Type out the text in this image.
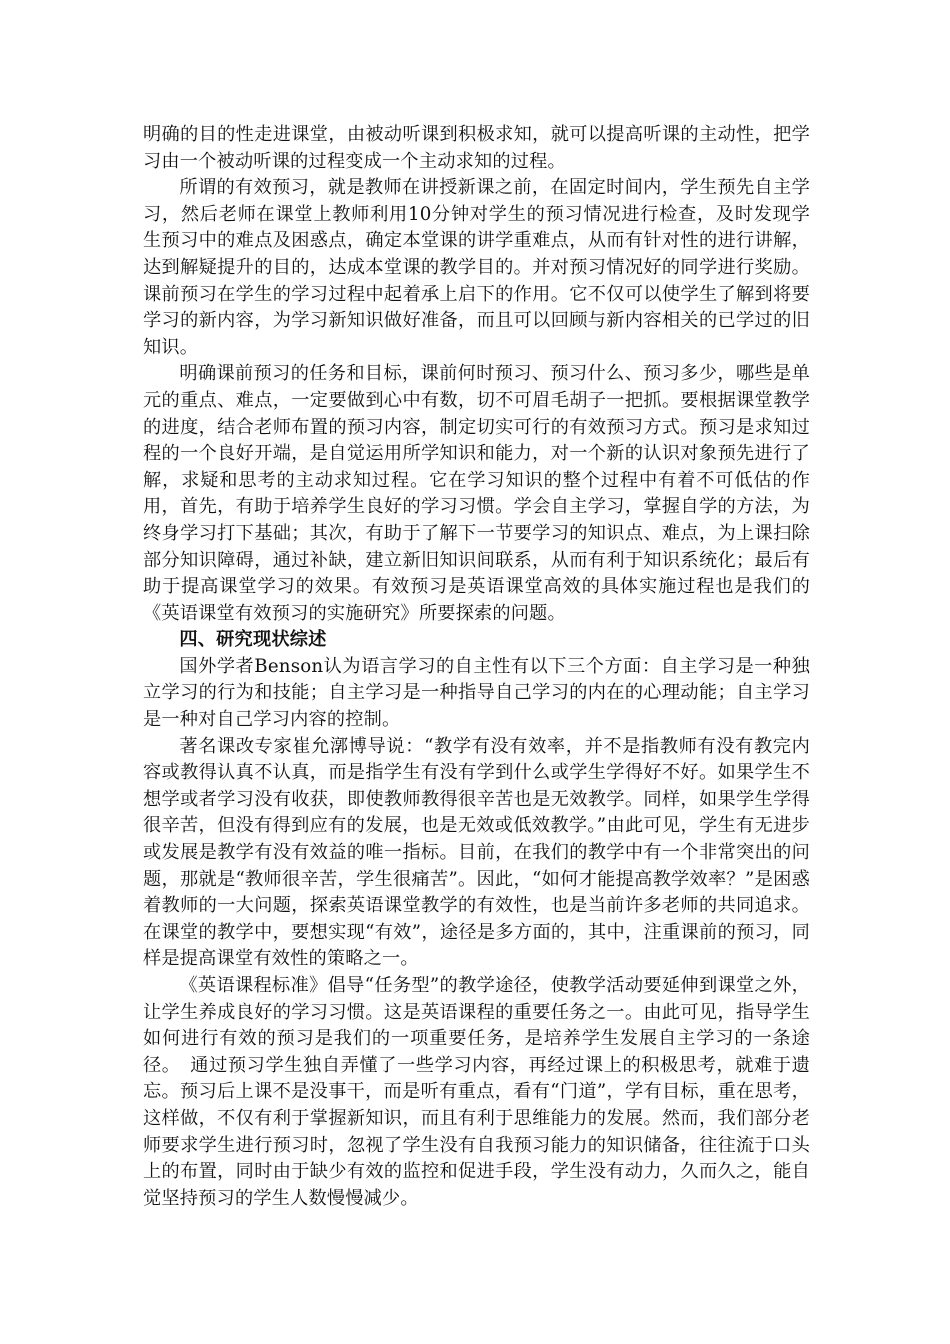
明确的目的性走进课堂，由被动听课到积极求知，就可以提高听课的主动性，把学习由一个被动听课的过程变成一个主动求知的过程。

所谓的有效预习，就是教师在讲授新课之前，在固定时间内，学生预先自主学习，然后老师在课堂上教师利用10分钟对学生的预习情况进行检查，及时发现学生预习中的难点及困惑点，确定本堂课的讲学重难点，从而有针对性的进行讲解，达到解疑提升的目的，达成本堂课的教学目的。并对预习情况好的同学进行奖励。课前预习在学生的学习过程中起着承上启下的作用。它不仅可以使学生了解到将要学习的新内容，为学习新知识做好准备，而且可以回顾与新内容相关的已学过的旧知识。

明确课前预习的任务和目标，课前何时预习、预习什么、预习多少，哪些是单元的重点、难点，一定要做到心中有数，切不可眉毛胡子一把抓。要根据课堂教学的进度，结合老师布置的预习内容，制定切实可行的有效预习方式。预习是求知过程的一个良好开端，是自觉运用所学知识和能力，对一个新的认识对象预先进行了解，求疑和思考的主动求知过程。它在学习知识的整个过程中有着不可低估的作用，首先，有助于培养学生良好的学习习惯。学会自主学习，掌握自学的方法，为终身学习打下基础；其次，有助于了解下一节要学习的知识点、难点，为上课扫除部分知识障碍，通过补缺，建立新旧知识间联系，从而有利于知识系统化；最后有助于提高课堂学习的效果。有效预习是英语课堂高效的具体实施过程也是我们的《英语课堂有效预习的实施研究》所要探索的问题。

四、研究现状综述

国外学者Benson认为语言学习的自主性有以下三个方面：自主学习是一种独立学习的行为和技能；自主学习是一种指导自己学习的内在的心理动能；自主学习是一种对自己学习内容的控制。

著名课改专家崔允漷博导说：“教学有没有效率，并不是指教师有没有教完内容或教得认真不认真，而是指学生有没有学到什么或学生学得好不好。如果学生不想学或者学习没有收获，即使教师教得很辛苦也是无效教学。同样，如果学生学得很辛苦，但没有得到应有的发展，也是无效或低效教学。”由此可见，学生有无进步或发展是教学有没有效益的唯一指标。目前，在我们的教学中有一个非常突出的问题，那就是“教师很辛苦，学生很痛苦”。因此，“如何才能提高教学效率？”是困惑着教师的一大问题，探索英语课堂教学的有效性，也是当前许多老师的共同追求。在课堂的教学中，要想实现“有效”，途径是多方面的，其中，注重课前的预习，同样是提高课堂有效性的策略之一。

《英语课程标准》倡导“任务型”的教学途径，使教学活动要延伸到课堂之外，让学生养成良好的学习习惯。这是英语课程的重要任务之一。由此可见，指导学生如何进行有效的预习是我们的一项重要任务，是培养学生发展自主学习的一条途径。　通过预习学生独自弄懂了一些学习内容，再经过课上的积极思考，就难于遗忘。预习后上课不是没事干，而是听有重点，看有“门道”，学有目标，重在思考，这样做，不仅有利于掌握新知识，而且有利于思维能力的发展。然而，我们部分老师要求学生进行预习时，忽视了学生没有自我预习能力的知识储备，往往流于口头上的布置，同时由于缺少有效的监控和促进手段，学生没有动力，久而久之，能自觉坚持预习的学生人数慢慢减少。
